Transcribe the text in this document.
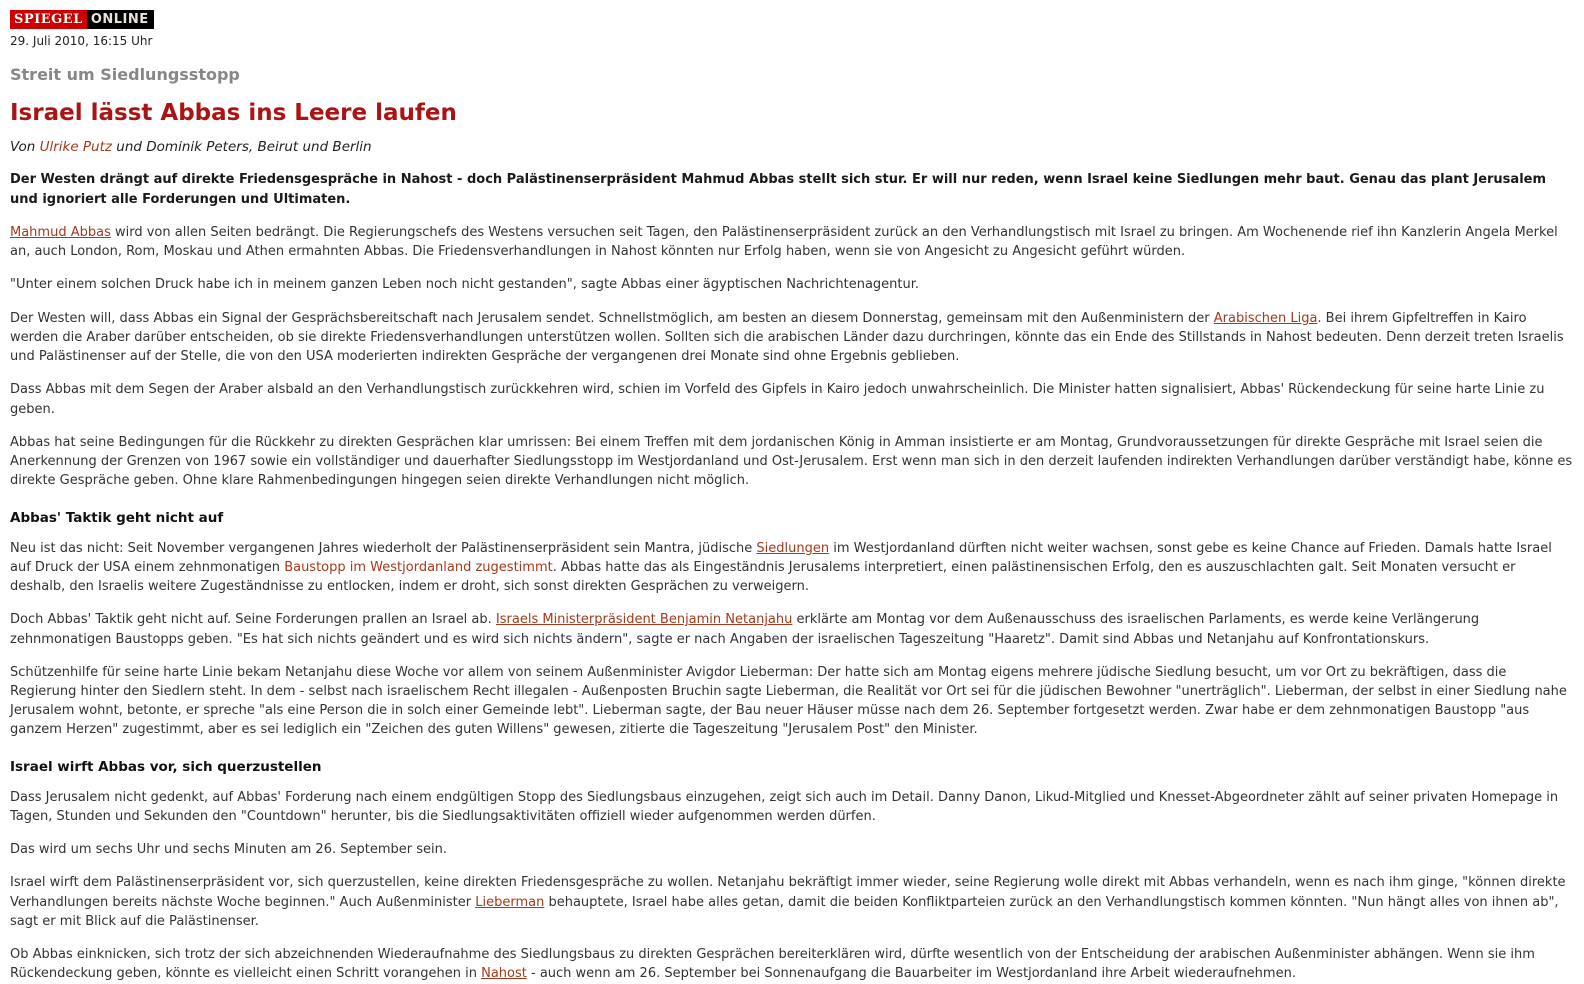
SPIEGEL ONLINE
29. Juli 2010, 16:15 Uhr
Streit um Siedlungsstopp
Israel lässt Abbas ins Leere laufen
Von Ulrike Putz und Dominik Peters, Beirut und Berlin

Der Westen drängt auf direkte Friedensgespräche in Nahost - doch Palästinenserpräsident Mahmud Abbas stellt sich stur. Er will nur reden, wenn Israel keine Siedlungen mehr baut. Genau das plant Jerusalem und ignoriert alle Forderungen und Ultimaten.

Mahmud Abbas wird von allen Seiten bedrängt. Die Regierungschefs des Westens versuchen seit Tagen, den Palästinenserpräsident zurück an den Verhandlungstisch mit Israel zu bringen. Am Wochenende rief ihn Kanzlerin Angela Merkel an, auch London, Rom, Moskau und Athen ermahnten Abbas. Die Friedensverhandlungen in Nahost könnten nur Erfolg haben, wenn sie von Angesicht zu Angesicht geführt würden.

"Unter einem solchen Druck habe ich in meinem ganzen Leben noch nicht gestanden", sagte Abbas einer ägyptischen Nachrichtenagentur.

Der Westen will, dass Abbas ein Signal der Gesprächsbereitschaft nach Jerusalem sendet. Schnellstmöglich, am besten an diesem Donnerstag, gemeinsam mit den Außenministern der Arabischen Liga. Bei ihrem Gipfeltreffen in Kairo werden die Araber darüber entscheiden, ob sie direkte Friedensverhandlungen unterstützen wollen. Sollten sich die arabischen Länder dazu durchringen, könnte das ein Ende des Stillstands in Nahost bedeuten. Denn derzeit treten Israelis und Palästinenser auf der Stelle, die von den USA moderierten indirekten Gespräche der vergangenen drei Monate sind ohne Ergebnis geblieben.

Dass Abbas mit dem Segen der Araber alsbald an den Verhandlungstisch zurückkehren wird, schien im Vorfeld des Gipfels in Kairo jedoch unwahrscheinlich. Die Minister hatten signalisiert, Abbas' Rückendeckung für seine harte Linie zu geben.

Abbas hat seine Bedingungen für die Rückkehr zu direkten Gesprächen klar umrissen: Bei einem Treffen mit dem jordanischen König in Amman insistierte er am Montag, Grundvoraussetzungen für direkte Gespräche mit Israel seien die Anerkennung der Grenzen von 1967 sowie ein vollständiger und dauerhafter Siedlungsstopp im Westjordanland und Ost-Jerusalem. Erst wenn man sich in den derzeit laufenden indirekten Verhandlungen darüber verständigt habe, könne es direkte Gespräche geben. Ohne klare Rahmenbedingungen hingegen seien direkte Verhandlungen nicht möglich.

Abbas' Taktik geht nicht auf

Neu ist das nicht: Seit November vergangenen Jahres wiederholt der Palästinenserpräsident sein Mantra, jüdische Siedlungen im Westjordanland dürften nicht weiter wachsen, sonst gebe es keine Chance auf Frieden. Damals hatte Israel auf Druck der USA einem zehnmonatigen Baustopp im Westjordanland zugestimmt. Abbas hatte das als Eingeständnis Jerusalems interpretiert, einen palästinensischen Erfolg, den es auszuschlachten galt. Seit Monaten versucht er deshalb, den Israelis weitere Zugeständnisse zu entlocken, indem er droht, sich sonst direkten Gesprächen zu verweigern.

Doch Abbas' Taktik geht nicht auf. Seine Forderungen prallen an Israel ab. Israels Ministerpräsident Benjamin Netanjahu erklärte am Montag vor dem Außenausschuss des israelischen Parlaments, es werde keine Verlängerung zehnmonatigen Baustopps geben. "Es hat sich nichts geändert und es wird sich nichts ändern", sagte er nach Angaben der israelischen Tageszeitung "Haaretz". Damit sind Abbas und Netanjahu auf Konfrontationskurs.

Schützenhilfe für seine harte Linie bekam Netanjahu diese Woche vor allem von seinem Außenminister Avigdor Lieberman: Der hatte sich am Montag eigens mehrere jüdische Siedlung besucht, um vor Ort zu bekräftigen, dass die Regierung hinter den Siedlern steht. In dem - selbst nach israelischem Recht illegalen - Außenposten Bruchin sagte Lieberman, die Realität vor Ort sei für die jüdischen Bewohner "unerträglich". Lieberman, der selbst in einer Siedlung nahe Jerusalem wohnt, betonte, er spreche "als eine Person die in solch einer Gemeinde lebt". Lieberman sagte, der Bau neuer Häuser müsse nach dem 26. September fortgesetzt werden. Zwar habe er dem zehnmonatigen Baustopp "aus ganzem Herzen" zugestimmt, aber es sei lediglich ein "Zeichen des guten Willens" gewesen, zitierte die Tageszeitung "Jerusalem Post" den Minister.

Israel wirft Abbas vor, sich querzustellen

Dass Jerusalem nicht gedenkt, auf Abbas' Forderung nach einem endgültigen Stopp des Siedlungsbaus einzugehen, zeigt sich auch im Detail. Danny Danon, Likud-Mitglied und Knesset-Abgeordneter zählt auf seiner privaten Homepage in Tagen, Stunden und Sekunden den "Countdown" herunter, bis die Siedlungsaktivitäten offiziell wieder aufgenommen werden dürfen.

Das wird um sechs Uhr und sechs Minuten am 26. September sein.

Israel wirft dem Palästinenserpräsident vor, sich querzustellen, keine direkten Friedensgespräche zu wollen. Netanjahu bekräftigt immer wieder, seine Regierung wolle direkt mit Abbas verhandeln, wenn es nach ihm ginge, "können direkte Verhandlungen bereits nächste Woche beginnen." Auch Außenminister Lieberman behauptete, Israel habe alles getan, damit die beiden Konfliktparteien zurück an den Verhandlungstisch kommen könnten. "Nun hängt alles von ihnen ab", sagt er mit Blick auf die Palästinenser.

Ob Abbas einknicken, sich trotz der sich abzeichnenden Wiederaufnahme des Siedlungsbaus zu direkten Gesprächen bereiterklären wird, dürfte wesentlich von der Entscheidung der arabischen Außenminister abhängen. Wenn sie ihm Rückendeckung geben, könnte es vielleicht einen Schritt vorangehen in Nahost - auch wenn am 26. September bei Sonnenaufgang die Bauarbeiter im Westjordanland ihre Arbeit wiederaufnehmen.
